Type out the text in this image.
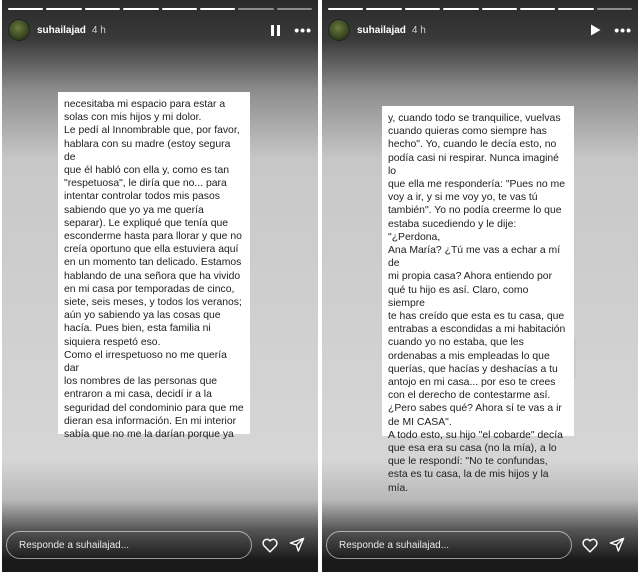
suhailajad 4 h	•••
necesitaba mi espacio para estar a
solas con mis hijos y mi dolor.
Le pedí al Innombrable que, por favor,
hablara con su madre (estoy segura de
que él habló con ella y, como es tan
"respetuosa", le diría que no... para
intentar controlar todos mis pasos
sabiendo que yo ya me quería
separar). Le expliqué que tenía que
esconderme hasta para llorar y que no
creía oportuno que ella estuviera aquí
en un momento tan delicado. Estamos
hablando de una señora que ha vivido
en mi casa por temporadas de cinco,
siete, seis meses, y todos los veranos;
aún yo sabiendo ya las cosas que
hacía. Pues bien, esta familia ni
siquiera respetó eso.
Como el irrespetuoso no me quería dar
los nombres de las personas que
entraron a mi casa, decidí ir a la
seguridad del condominio para que me
dieran esa información. En mi interior
sabía que no me la darían porque ya
Responde a suhailajad...
suhailajad 4 h	•••
y, cuando todo se tranquilice, vuelvas
cuando quieras como siempre has
hecho". Yo, cuando le decía esto, no
podía casi ni respirar. Nunca imaginé lo
que ella me respondería: "Pues no me
voy a ir, y si me voy yo, te vas tú
también". Yo no podía creerme lo que
estaba sucediendo y le dije: "¿Perdona,
Ana María? ¿Tú me vas a echar a mí de
mi propia casa? Ahora entiendo por
qué tu hijo es así. Claro, como siempre
te has creído que esta es tu casa, que
entrabas a escondidas a mi habitación
cuando yo no estaba, que les
ordenabas a mis empleadas lo que
querías, que hacías y deshacías a tu
antojo en mi casa... por eso te crees
con el derecho de contestarme así.
¿Pero sabes qué? Ahora sí te vas a ir
de MI CASA".
A todo esto, su hijo "el cobarde" decía
que esa era su casa (no la mía), a lo
que le respondí: "No te confundas,
esta es tu casa, la de mis hijos y la mía.
Responde a suhailajad...
